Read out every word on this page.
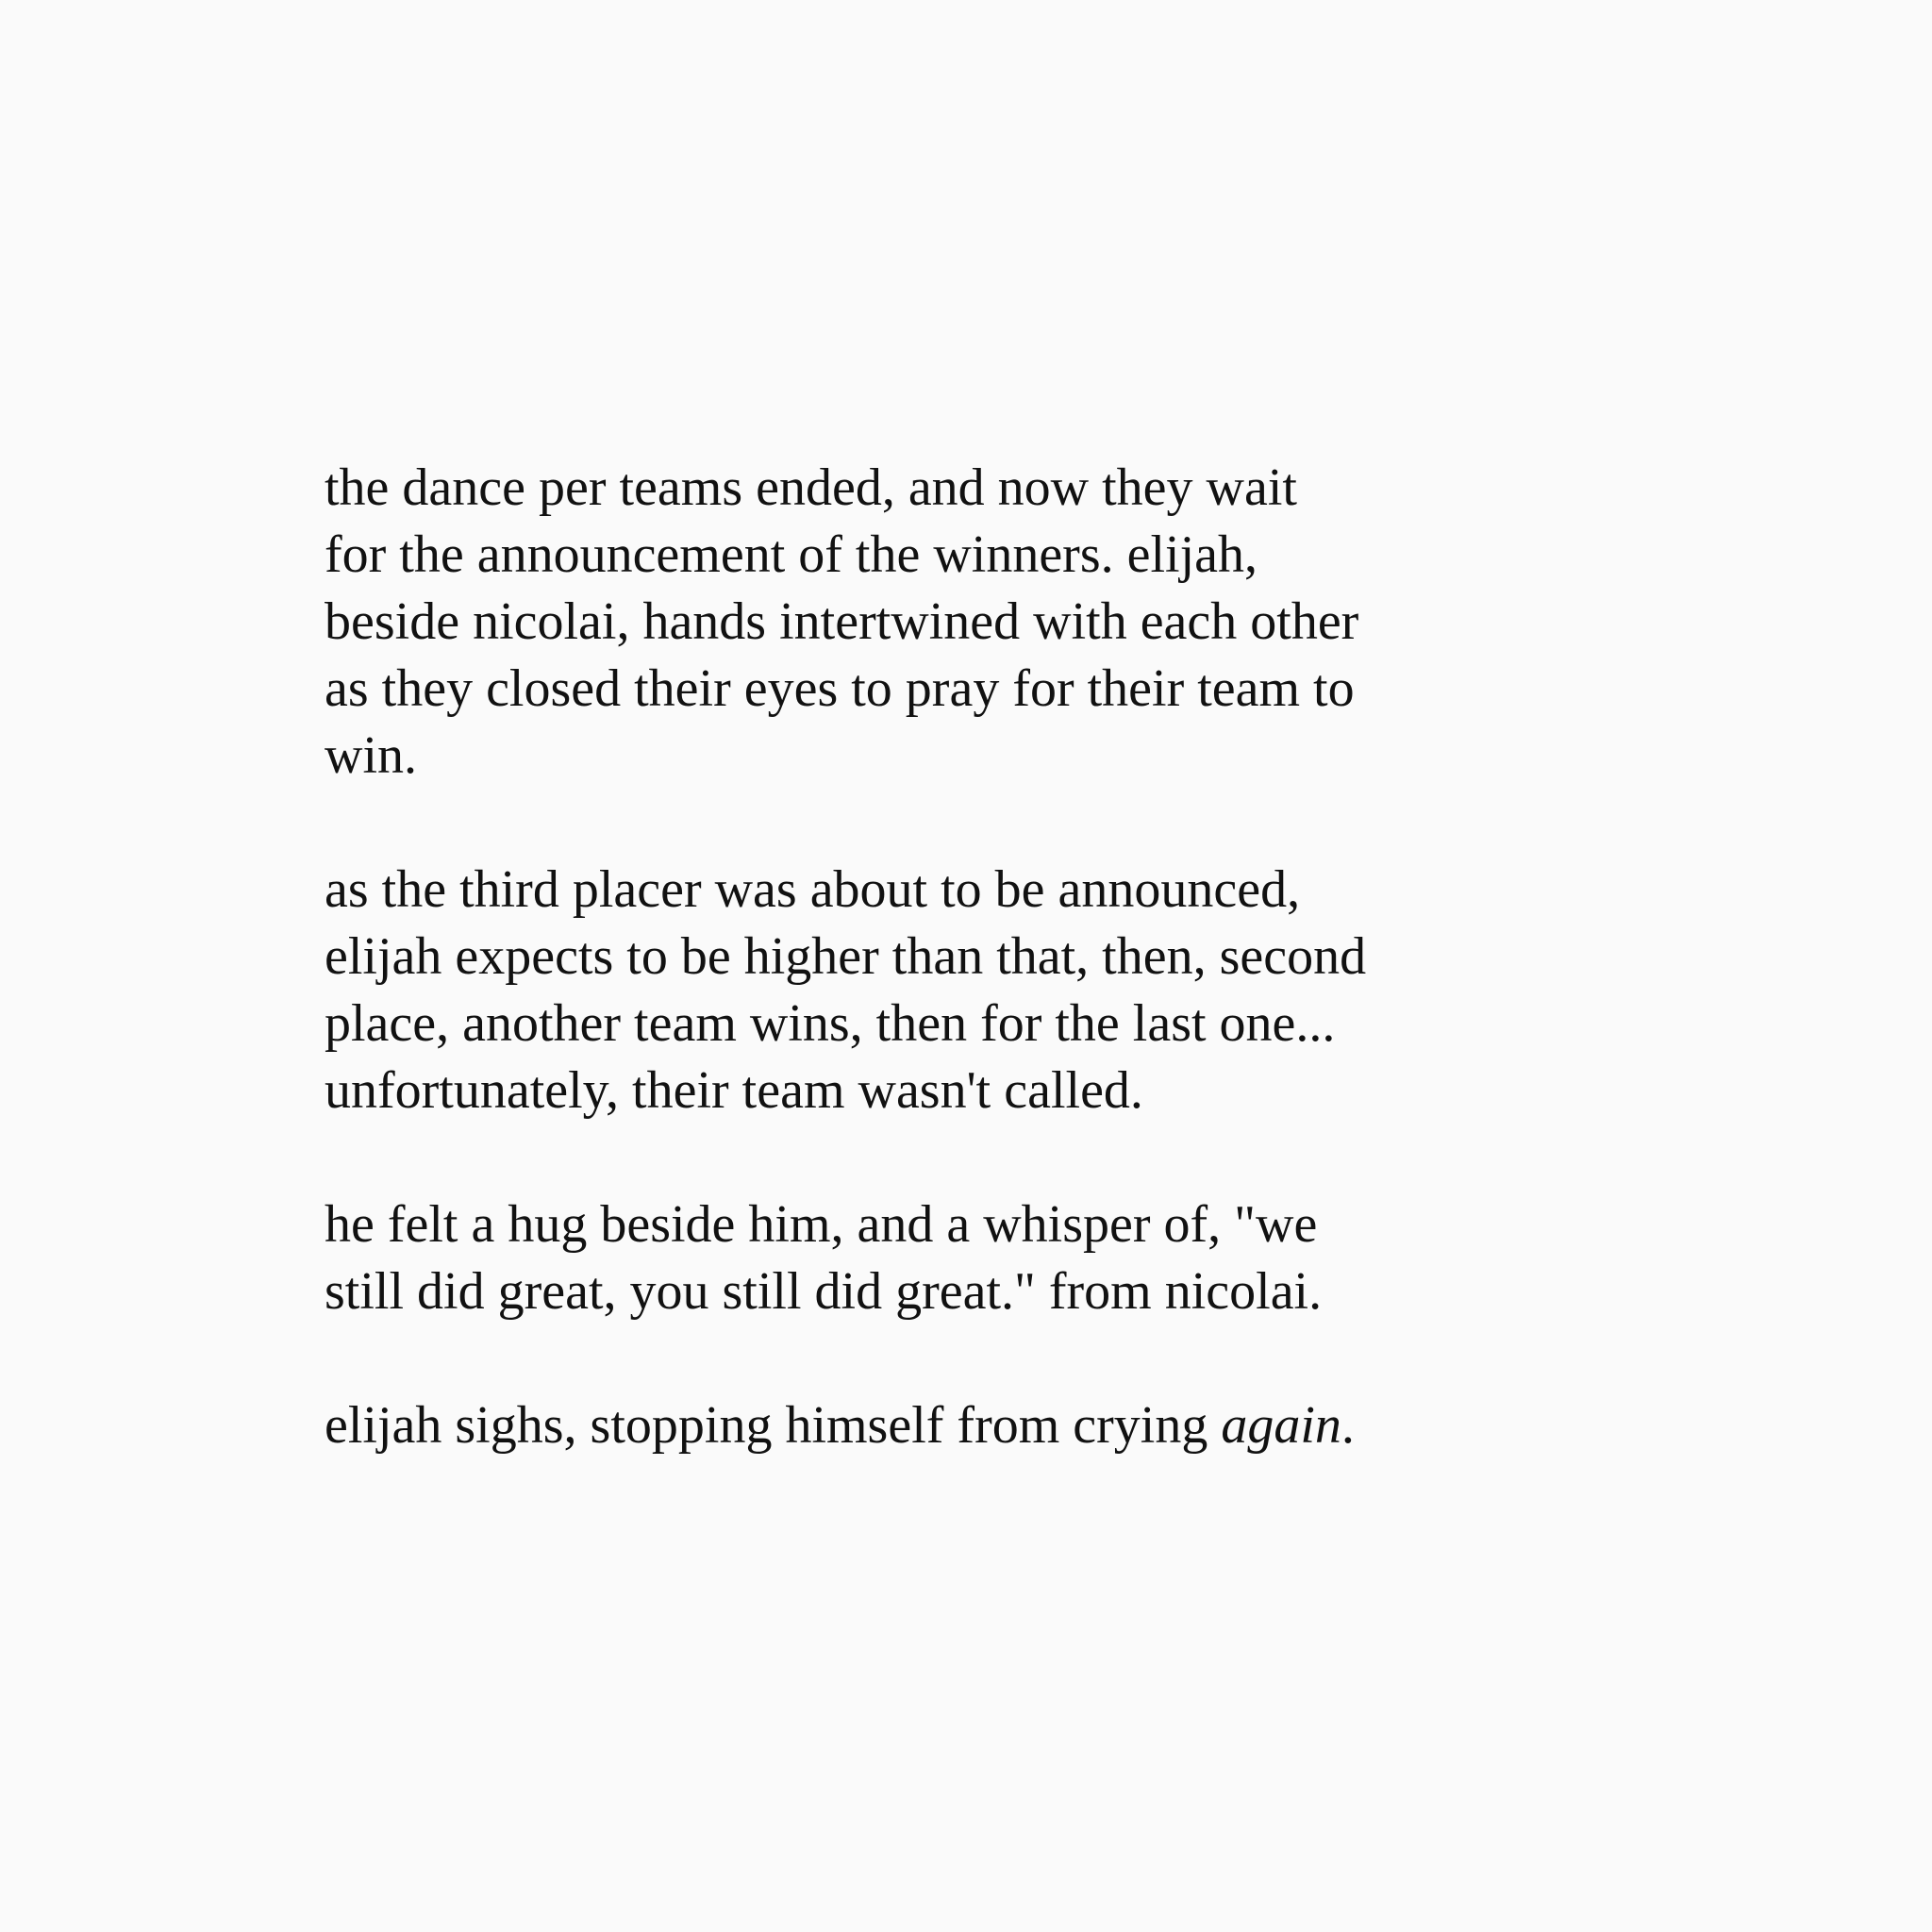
the dance per teams ended, and now they wait
for the announcement of the winners. elijah,
beside nicolai, hands intertwined with each other
as they closed their eyes to pray for their team to
win.
as the third placer was about to be announced,
elijah expects to be higher than that, then, second
place, another team wins, then for the last one...
unfortunately, their team wasn't called.
he felt a hug beside him, and a whisper of, "we
still did great, you still did great." from nicolai.
elijah sighs, stopping himself from crying again.
